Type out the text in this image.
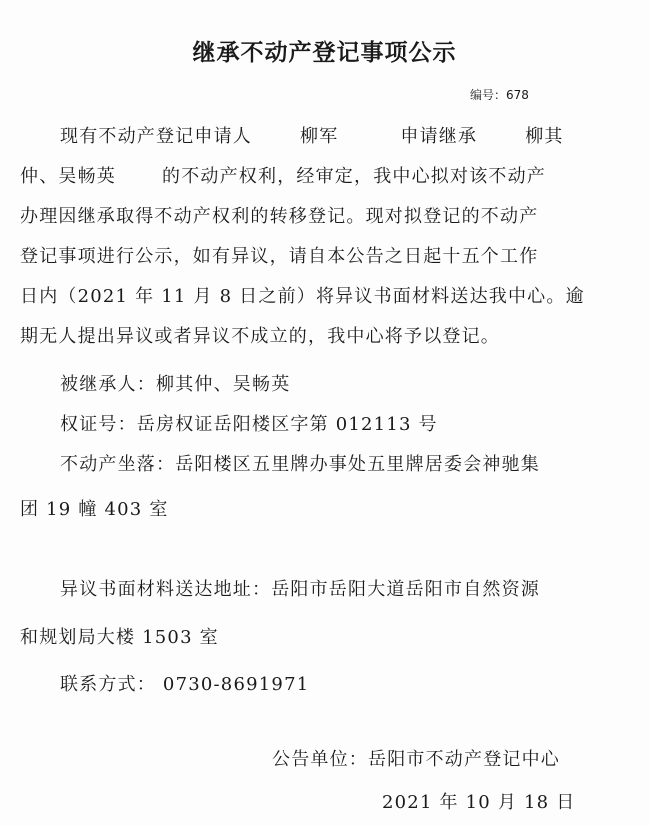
继承不动产登记事项公示
编号：678
现有不动产登记申请人	柳军	申请继承	柳其
仲、吴畅英	的不动产权利，经审定，我中心拟对该不动产
办理因继承取得不动产权利的转移登记。现对拟登记的不动产
登记事项进行公示，如有异议，请自本公告之日起十五个工作
日内（2021 年 11 月 8 日之前）将异议书面材料送达我中心。逾
期无人提出异议或者异议不成立的，我中心将予以登记。
被继承人：柳其仲、吴畅英
权证号：岳房权证岳阳楼区字第 012113 号
不动产坐落：岳阳楼区五里牌办事处五里牌居委会神驰集
团 19 幢 403 室
异议书面材料送达地址：岳阳市岳阳大道岳阳市自然资源
和规划局大楼 1503 室
联系方式： 0730-8691971
公告单位：岳阳市不动产登记中心
2021 年 10 月 18 日
